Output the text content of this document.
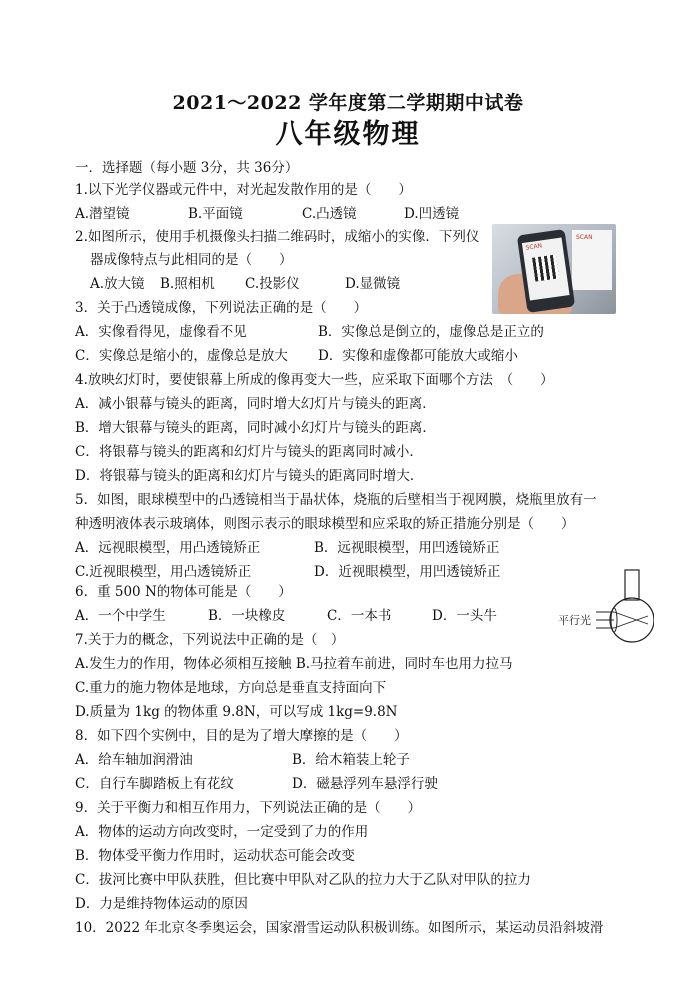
2021～2022 学年度第二学期期中试卷
八年级物理
一．选择题（每小题 3分，共 36分）
1.以下光学仪器或元件中，对光起发散作用的是（　　）
A.潜望镜	B.平面镜	C.凸透镜	D.凹透镜
2.如图所示，使用手机摄像头扫描二维码时，成缩小的实像．下列仪
器成像特点与此相同的是（　　）
SCAN
SCAN
A.放大镜 B.照相机 C.投影仪	D.显微镜
3．关于凸透镜成像，下列说法正确的是（　　）
A．实像看得见，虚像看不见	B．实像总是倒立的，虚像总是正立的
C．实像总是缩小的，虚像总是放大 D．实像和虚像都可能放大或缩小
4.放映幻灯时，要使银幕上所成的像再变大一些，应采取下面哪个方法　（　　）
A．减小银幕与镜头的距离，同时增大幻灯片与镜头的距离．
B．增大银幕与镜头的距离，同时减小幻灯片与镜头的距离．
C．将银幕与镜头的距离和幻灯片与镜头的距离同时减小．
D．将银幕与镜头的距离和幻灯片与镜头的距离同时增大．
5．如图，眼球模型中的凸透镜相当于晶状体，烧瓶的后壁相当于视网膜，烧瓶里放有一
种透明液体表示玻璃体，则图示表示的眼球模型和应采取的矫正措施分别是（　　）
A．远视眼模型，用凸透镜矫正	B．远视眼模型，用凹透镜矫正
C.近视眼模型，用凸透镜矫正	D．近视眼模型，用凹透镜矫正
6．重 500 N的物体可能是（　　）
A．一个中学生	B．一块橡皮	C．一本书	D．一头牛	平行光
7.关于力的概念，下列说法中正确的是（　）
A.发生力的作用，物体必须相互接触 B.马拉着车前进，同时车也用力拉马
C.重力的施力物体是地球，方向总是垂直支持面向下
D.质量为 1kg 的物体重 9.8N，可以写成 1kg=9.8N
8．如下四个实例中，目的是为了增大摩擦的是（　　）
A．给车轴加润滑油	B．给木箱装上轮子
C．自行车脚踏板上有花纹	D．磁悬浮列车悬浮行驶
9．关于平衡力和相互作用力，下列说法正确的是（　　）
A．物体的运动方向改变时，一定受到了力的作用
B．物体受平衡力作用时，运动状态可能会改变
C．拔河比赛中甲队获胜，但比赛中甲队对乙队的拉力大于乙队对甲队的拉力
D．力是维持物体运动的原因
10．2022 年北京冬季奥运会，国家滑雪运动队积极训练。如图所示，某运动员沿斜坡滑
